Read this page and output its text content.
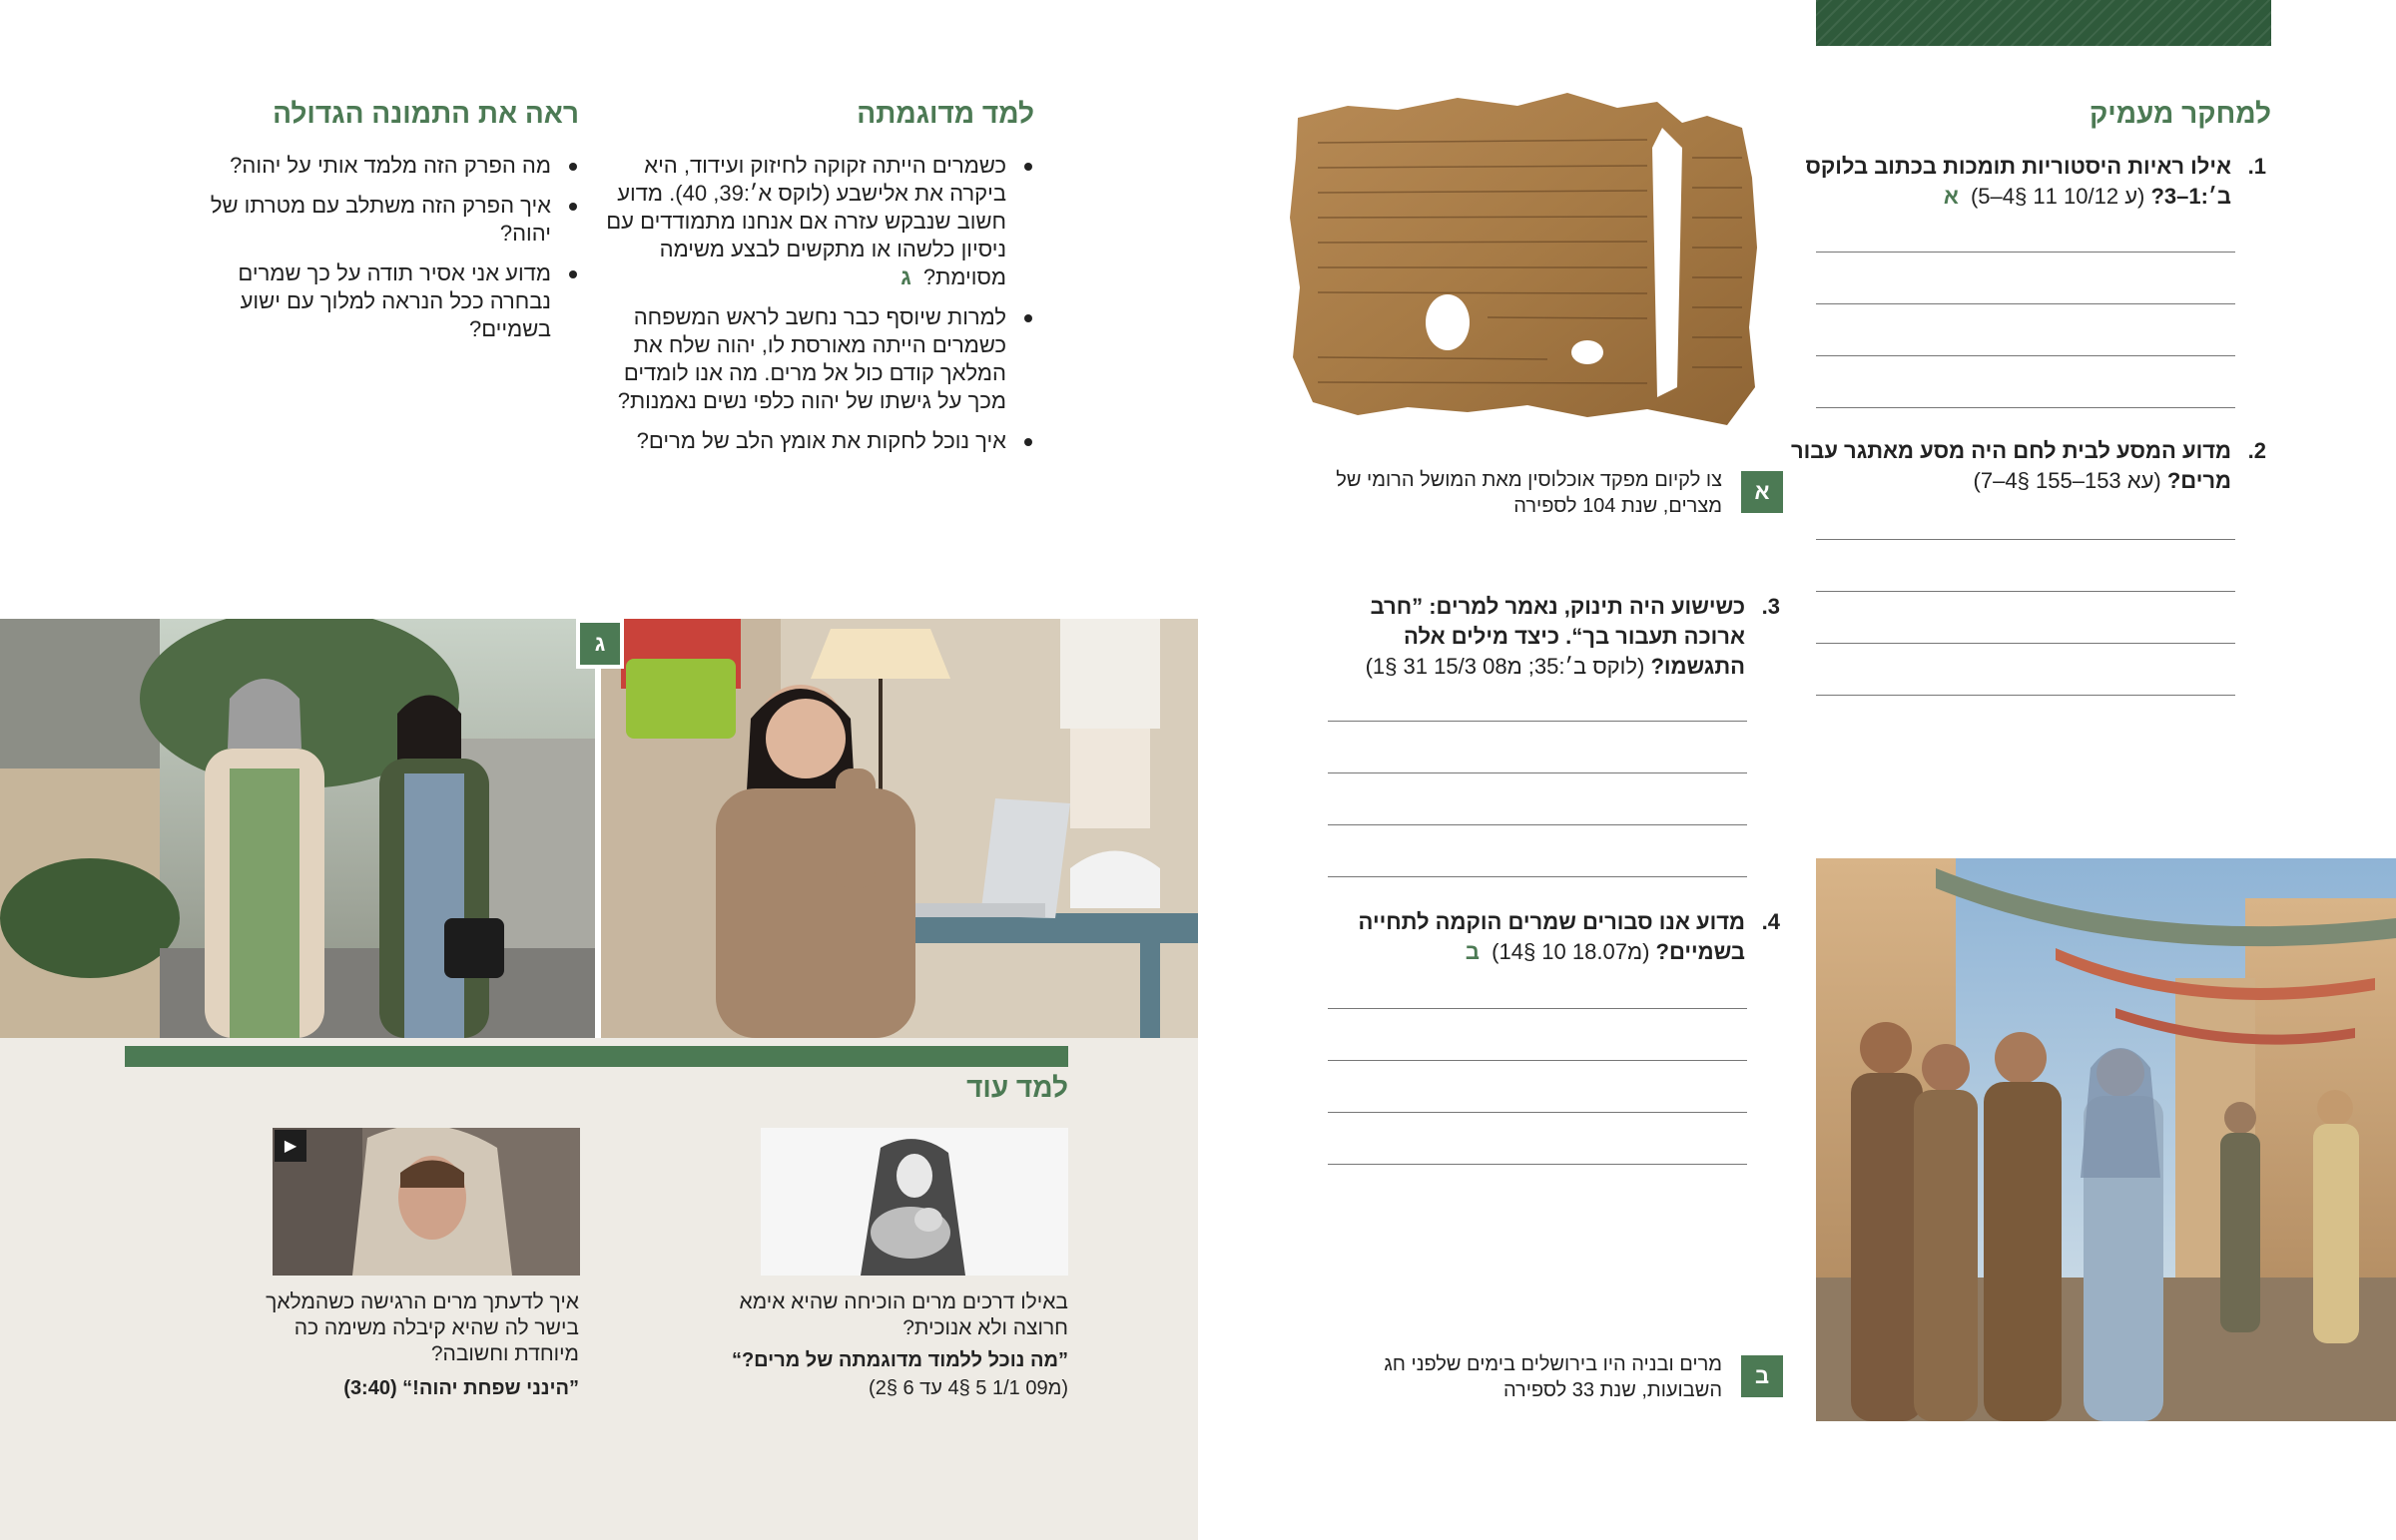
למחקר מעמיק
1.
אילו ראיות היסטוריות תומכות בכתוב בלוקס ב׳:1–3? (ע 10/12 11 §4–5) א
2.
מדוע המסע לבית לחם היה מסע מאתגר עבור מרים? (עא 153–155 §4–7)
א
צו לקיום מפקד אוכלוסין מאת המושל הרומי של מצרים, שנת 104 לספירה
3.
כשישוע היה תינוק, נאמר למרים: ”חרב ארוכה תעבור בך“. כיצד מילים אלה התגשמו? (לוקס ב׳:35; מ08 15/3 31 §1)
4.
מדוע אנו סבורים שמרים הוקמה לתחייה בשמיים? (מ18.07 10 §14) ב
ב
מרים ובניה היו בירושלים בימים שלפני חג השבועות, שנת 33 לספירה
ראה את התמונה הגדולה
מה הפרק הזה מלמד אותי על יהוה?
איך הפרק הזה משתלב עם מטרתו של יהוה?
מדוע אני אסיר תודה על כך שמרים נבחרה ככל הנראה למלוך עם ישוע בשמיים?
למד מדוגמתה
כשמרים הייתה זקוקה לחיזוק ועידוד, היא ביקרה את אלישבע (לוקס א׳:39, 40). מדוע חשוב שנבקש עזרה אם אנחנו מתמודדים עם ניסיון כלשהו או מתקשים לבצע משימה מסוימת? ג
למרות שיוסף כבר נחשב לראש המשפחה כשמרים הייתה מאורסת לו, יהוה שלח את המלאך קודם כול אל מרים. מה אנו לומדים מכך על גישתו של יהוה כלפי נשים נאמנות?
איך נוכל לחקות את אומץ הלב של מרים?
ג
למד עוד
באילו דרכים מרים הוכיחה שהיא אימא חרוצה ולא אנוכית?
”מה נוכל ללמוד מדוגמתה של מרים?“
(מ09 1/1 5 §4 עד 6 §2)
▶
איך לדעתך מרים הרגישה כשהמלאך בישר לה שהיא קיבלה משימה כה מיוחדת וחשובה?
”הינני שפחת יהוה!“ (3:40)
